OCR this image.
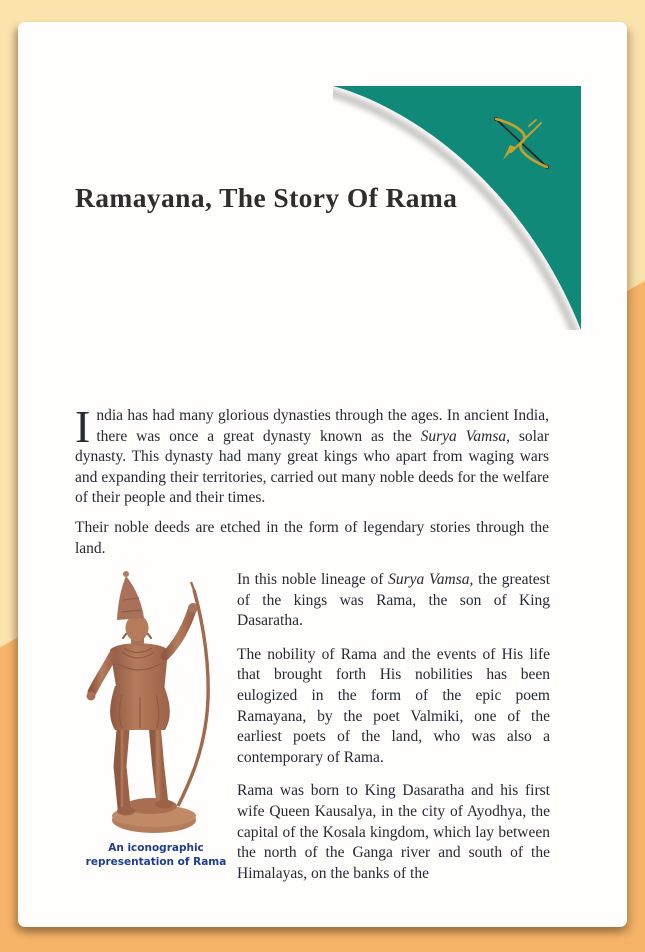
Ramayana, The Story Of Rama

India has had many glorious dynasties through the ages. In ancient India, there was once a great dynasty known as the Surya Vamsa, solar dynasty. This dynasty had many great kings who apart from waging wars and expanding their territories, carried out many noble deeds for the welfare of their people and their times.

Their noble deeds are etched in the form of legendary stories through the land.

An iconographic
representation of Rama

In this noble lineage of Surya Vamsa, the greatest of the kings was Rama, the son of King Dasaratha.

The nobility of Rama and the events of His life that brought forth His nobilities has been eulogized in the form of the epic poem Ramayana, by the poet Valmiki, one of the earliest poets of the land, who was also a contemporary of Rama.

Rama was born to King Dasaratha and his first wife Queen Kausalya, in the city of Ayodhya, the capital of the Kosala kingdom, which lay between the north of the Ganga river and south of the Himalayas, on the banks of the
